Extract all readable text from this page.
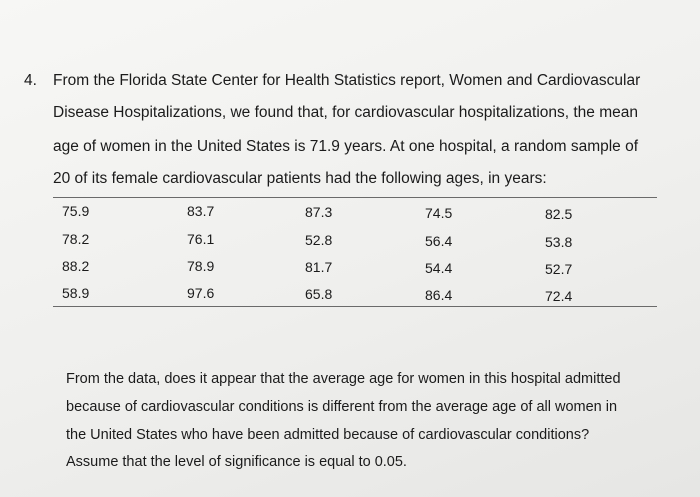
4. From the Florida State Center for Health Statistics report, Women and Cardiovascular
Disease Hospitalizations, we found that, for cardiovascular hospitalizations, the mean
age of women in the United States is 71.9 years. At one hospital, a random sample of
20 of its female cardiovascular patients had the following ages, in years:
75.9	83.7	87.3	74.5	82.5
78.2	76.1	52.8	56.4	53.8
88.2	78.9	81.7	54.4	52.7
58.9	97.6	65.8	86.4	72.4
From the data, does it appear that the average age for women in this hospital admitted
because of cardiovascular conditions is different from the average age of all women in
the United States who have been admitted because of cardiovascular conditions?
Assume that the level of significance is equal to 0.05.
